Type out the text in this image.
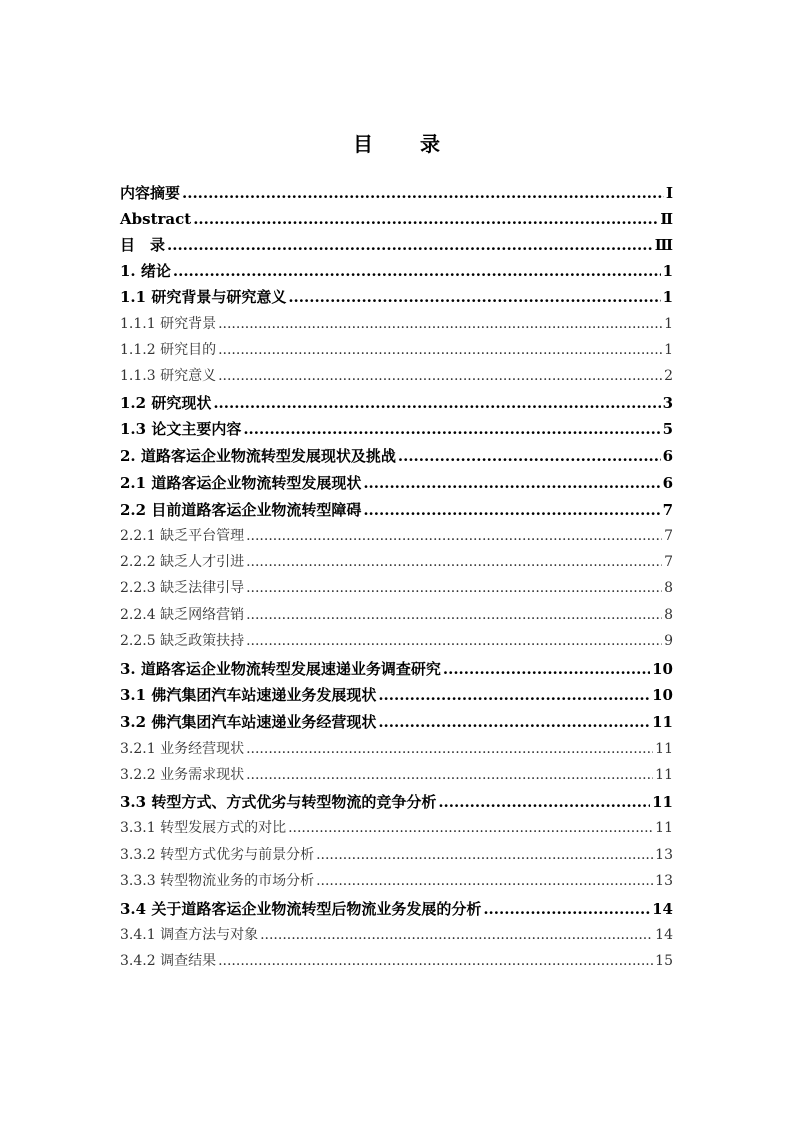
目 录
内容摘要 .....	Ⅰ
Abstract .....	Ⅱ
目　录 .....	Ⅲ
1. 绪论 .....	1
1.1 研究背景与研究意义 .....	1
1.1.1 研究背景 .....	1
1.1.2 研究目的 .....	1
1.1.3 研究意义 .....	2
1.2 研究现状 .....	3
1.3 论文主要内容 .....	5
2. 道路客运企业物流转型发展现状及挑战 .....	6
2.1 道路客运企业物流转型发展现状 .....	6
2.2 目前道路客运企业物流转型障碍 .....	7
2.2.1 缺乏平台管理 .....	7
2.2.2 缺乏人才引进 .....	7
2.2.3 缺乏法律引导 .....	8
2.2.4 缺乏网络营销 .....	8
2.2.5 缺乏政策扶持 .....	9
3. 道路客运企业物流转型发展速递业务调查研究 .....	10
3.1 佛汽集团汽车站速递业务发展现状 .....	10
3.2 佛汽集团汽车站速递业务经营现状 .....	11
3.2.1 业务经营现状 .....	11
3.2.2 业务需求现状 .....	11
3.3 转型方式、方式优劣与转型物流的竞争分析 .....	11
3.3.1 转型发展方式的对比 .....	11
3.3.2 转型方式优劣与前景分析 .....	13
3.3.3 转型物流业务的市场分析 .....	13
3.4 关于道路客运企业物流转型后物流业务发展的分析 .....	14
3.4.1 调查方法与对象 .....	14
3.4.2 调查结果 .....	15
